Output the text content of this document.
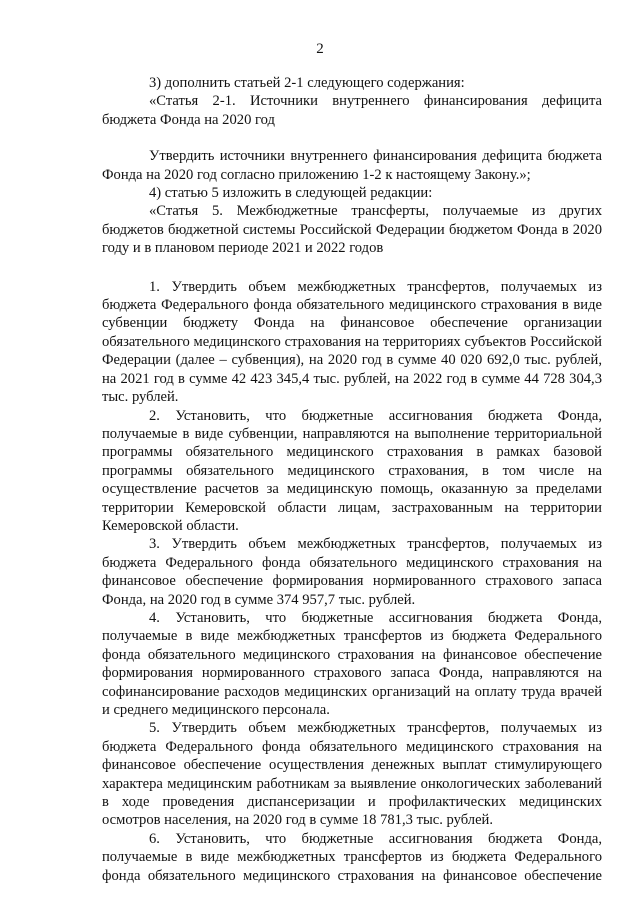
2

3) дополнить статьей 2-1 следующего содержания:

«Статья 2-1. Источники внутреннего финансирования дефицита бюджета Фонда на 2020 год

Утвердить источники внутреннего финансирования дефицита бюджета Фонда на 2020 год согласно приложению 1-2 к настоящему Закону.»;

4) статью 5 изложить в следующей редакции:

«Статья 5. Межбюджетные трансферты, получаемые из других бюджетов бюджетной системы Российской Федерации бюджетом Фонда в 2020 году и в плановом периоде 2021 и 2022 годов

1. Утвердить объем межбюджетных трансфертов, получаемых из бюджета Федерального фонда обязательного медицинского страхования в виде субвенции бюджету Фонда на финансовое обеспечение организации обязательного медицинского страхования на территориях субъектов Российской Федерации (далее – субвенция), на 2020 год в сумме 40 020 692,0 тыс. рублей, на 2021 год в сумме 42 423 345,4 тыс. рублей, на 2022 год в сумме 44 728 304,3 тыс. рублей.

2. Установить, что бюджетные ассигнования бюджета Фонда, получаемые в виде субвенции, направляются на выполнение территориальной программы обязательного медицинского страхования в рамках базовой программы обязательного медицинского страхования, в том числе на осуществление расчетов за медицинскую помощь, оказанную за пределами территории Кемеровской области лицам, застрахованным на территории Кемеровской области.

3. Утвердить объем межбюджетных трансфертов, получаемых из бюджета Федерального фонда обязательного медицинского страхования на финансовое обеспечение формирования нормированного страхового запаса Фонда, на 2020 год в сумме 374 957,7 тыс. рублей.

4. Установить, что бюджетные ассигнования бюджета Фонда, получаемые в виде межбюджетных трансфертов из бюджета Федерального фонда обязательного медицинского страхования на финансовое обеспечение формирования нормированного страхового запаса Фонда, направляются на софинансирование расходов медицинских организаций на оплату труда врачей и среднего медицинского персонала.

5. Утвердить объем межбюджетных трансфертов, получаемых из бюджета Федерального фонда обязательного медицинского страхования на финансовое обеспечение осуществления денежных выплат стимулирующего характера медицинским работникам за выявление онкологических заболеваний в ходе проведения диспансеризации и профилактических медицинских осмотров населения, на 2020 год в сумме 18 781,3 тыс. рублей.

6. Установить, что бюджетные ассигнования бюджета Фонда, получаемые в виде межбюджетных трансфертов из бюджета Федерального фонда обязательного медицинского страхования на финансовое обеспечение
